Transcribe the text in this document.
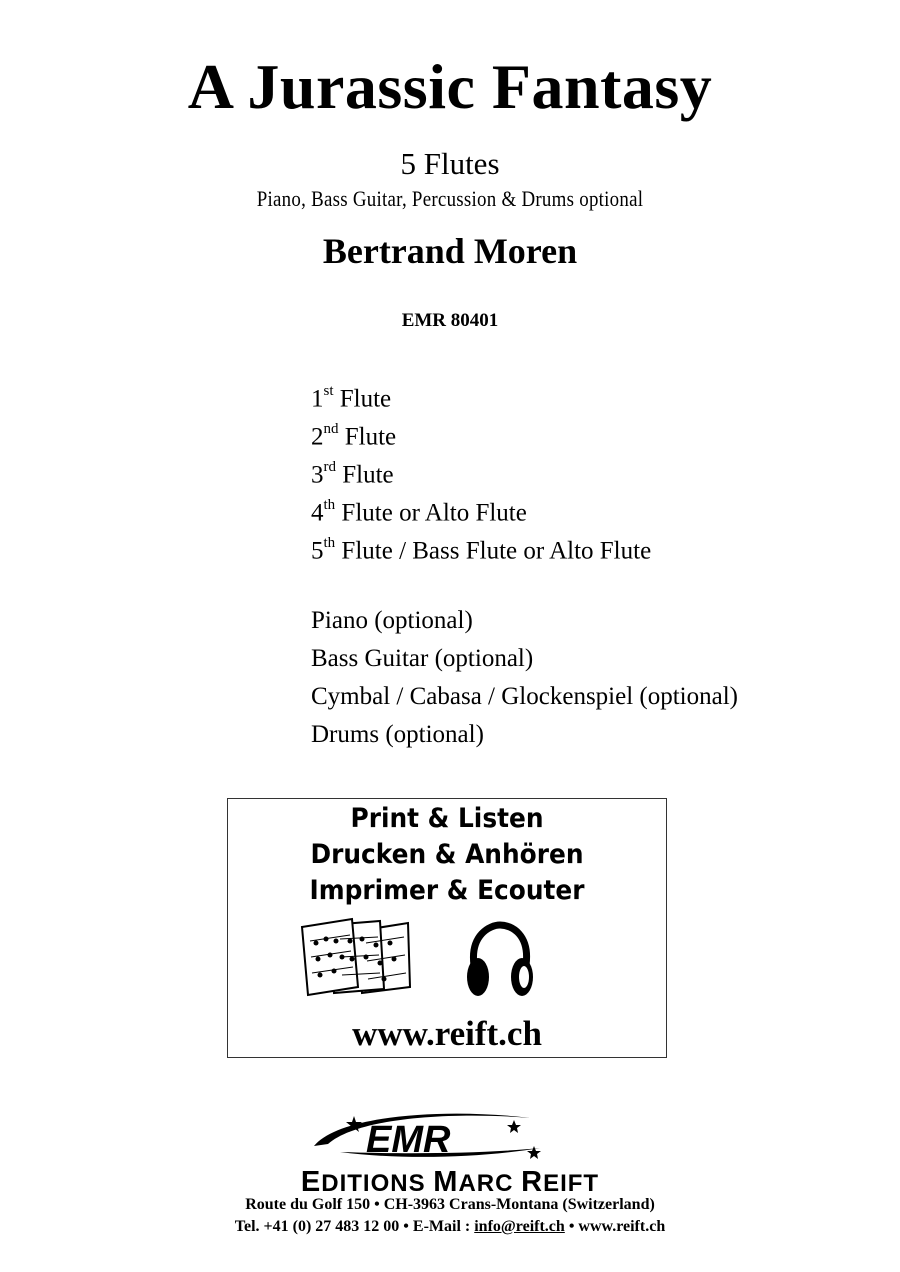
A Jurassic Fantasy
5 Flutes
Piano, Bass Guitar, Percussion & Drums optional
Bertrand Moren
EMR 80401
1st Flute
2nd Flute
3rd Flute
4th Flute or Alto Flute
5th Flute / Bass Flute or Alto Flute
Piano (optional)
Bass Guitar (optional)
Cymbal / Cabasa / Glockenspiel (optional)
Drums (optional)
Print & Listen
Drucken & Anhören
Imprimer & Ecouter
www.reift.ch
EMR
EDITIONS MARC REIFT
Route du Golf 150 • CH-3963 Crans-Montana (Switzerland)
Tel. +41 (0) 27 483 12 00 • E-Mail : info@reift.ch • www.reift.ch
